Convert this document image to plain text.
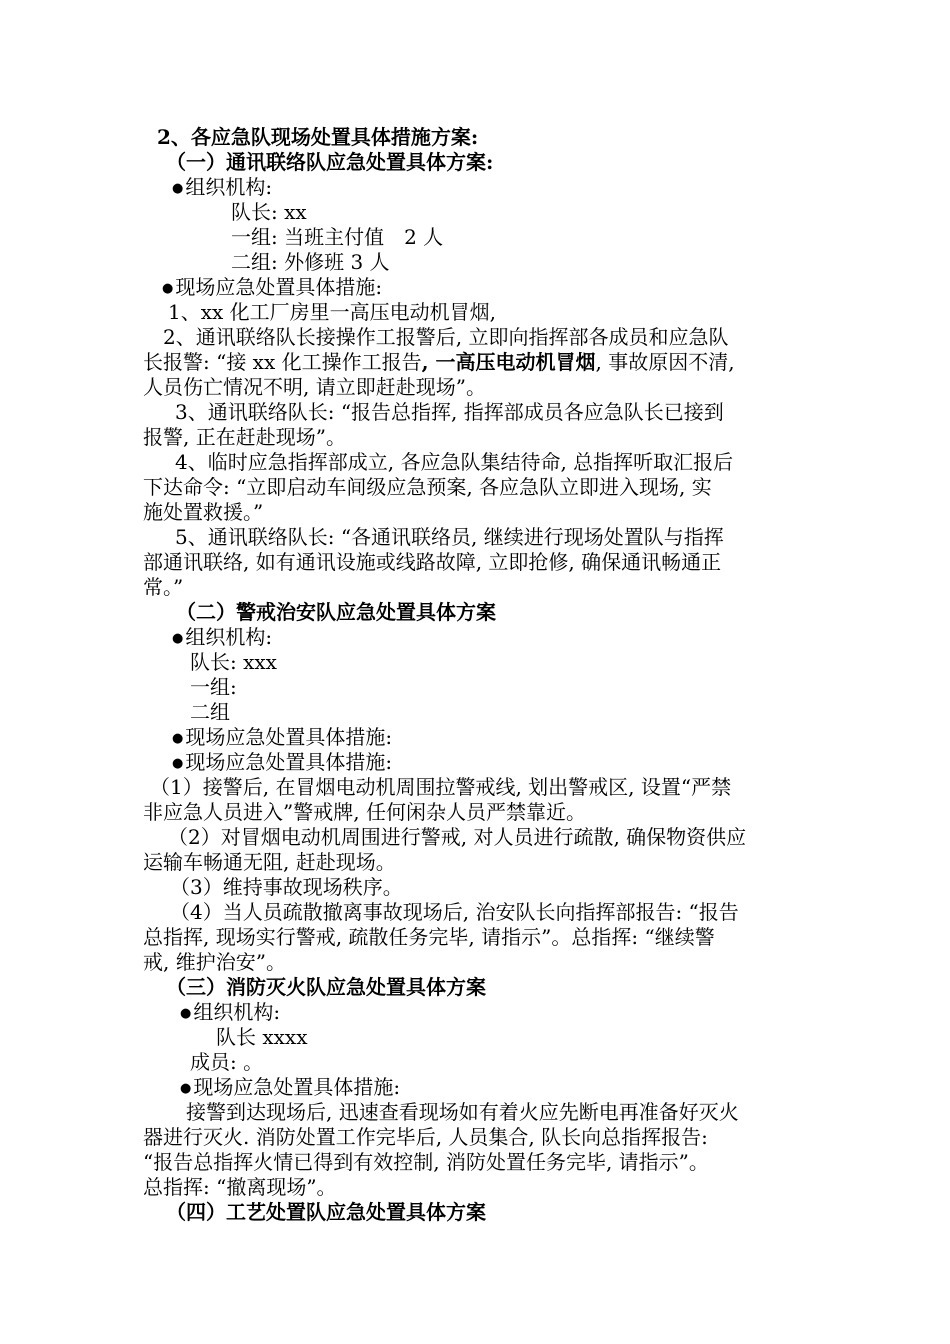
2、各应急队现场处置具体措施方案:
（一）通讯联络队应急处置具体方案:
● 组织机构:
队长: xx
一组: 当班主付值　2 人
二组: 外修班 3 人
● 现场应急处置具体措施:
1、xx 化工厂房里一高压电动机冒烟,
2、通讯联络队长接操作工报警后, 立即向指挥部各成员和应急队
长报警: “接 xx 化工操作工报告, 一高压电动机冒烟, 事故原因不清,
人员伤亡情况不明, 请立即赶赴现场”。
3、通讯联络队长: “报告总指挥, 指挥部成员各应急队长已接到
报警, 正在赶赴现场”。
4、临时应急指挥部成立, 各应急队集结待命, 总指挥听取汇报后
下达命令: “立即启动车间级应急预案, 各应急队立即进入现场, 实
施处置救援。”
5、通讯联络队长: “各通讯联络员, 继续进行现场处置队与指挥
部通讯联络, 如有通讯设施或线路故障, 立即抢修, 确保通讯畅通正
常。”
（二）警戒治安队应急处置具体方案
● 组织机构:
队长: xxx
一组:
二组
● 现场应急处置具体措施:
● 现场应急处置具体措施:
（1）接警后, 在冒烟电动机周围拉警戒线, 划出警戒区, 设置“严禁
非应急人员进入”警戒牌, 任何闲杂人员严禁靠近。
（2）对冒烟电动机周围进行警戒, 对人员进行疏散, 确保物资供应
运输车畅通无阻, 赶赴现场。
（3）维持事故现场秩序。
（4）当人员疏散撤离事故现场后, 治安队长向指挥部报告: “报告
总指挥, 现场实行警戒, 疏散任务完毕, 请指示”。总指挥: “继续警
戒, 维护治安”。
（三）消防灭火队应急处置具体方案
● 组织机构:
队长 xxxx
成员: 。
● 现场应急处置具体措施:
接警到达现场后, 迅速查看现场如有着火应先断电再准备好灭火
器进行灭火. 消防处置工作完毕后, 人员集合, 队长向总指挥报告:
“报告总指挥火情已得到有效控制, 消防处置任务完毕, 请指示”。
总指挥: “撤离现场”。
（四）工艺处置队应急处置具体方案
